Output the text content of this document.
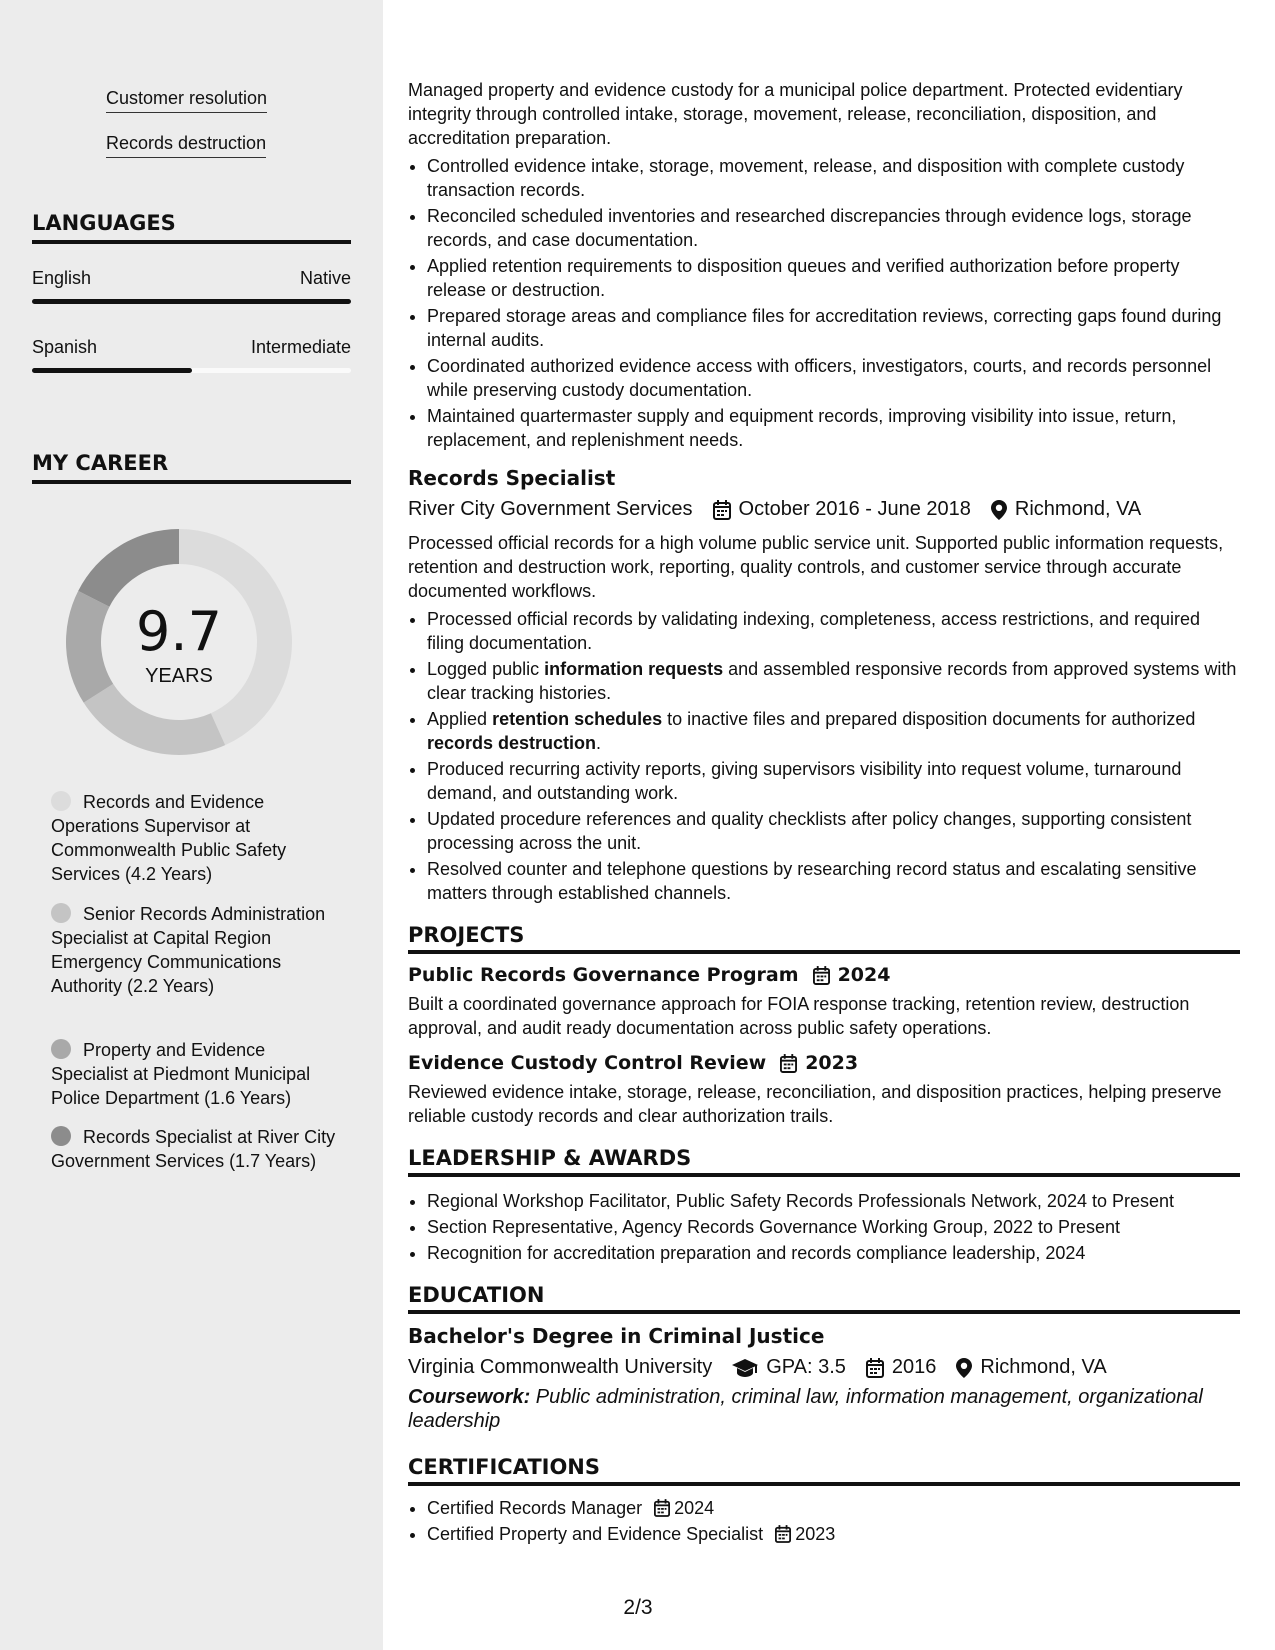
Customer resolution
Records destruction
LANGUAGES
English	Native
Spanish	Intermediate
MY CAREER
9.7
YEARS
Records and Evidence Operations Supervisor at Commonwealth Public Safety Services (4.2 Years)
Senior Records Administration Specialist at Capital Region Emergency Communications Authority (2.2 Years)
Property and Evidence Specialist at Piedmont Municipal Police Department (1.6 Years)
Records Specialist at River City Government Services (1.7 Years)

Managed property and evidence custody for a municipal police department. Protected evidentiary integrity through controlled intake, storage, movement, release, reconciliation, disposition, and accreditation preparation.

• Controlled evidence intake, storage, movement, release, and disposition with complete custody transaction records.
• Reconciled scheduled inventories and researched discrepancies through evidence logs, storage records, and case documentation.
• Applied retention requirements to disposition queues and verified authorization before property release or destruction.
• Prepared storage areas and compliance files for accreditation reviews, correcting gaps found during internal audits.
• Coordinated authorized evidence access with officers, investigators, courts, and records personnel while preserving custody documentation.
• Maintained quartermaster supply and equipment records, improving visibility into issue, return, replacement, and replenishment needs.
Records Specialist
River City Government Services October 2016 - June 2018 Richmond, VA

Processed official records for a high volume public service unit. Supported public information requests, retention and destruction work, reporting, quality controls, and customer service through accurate documented workflows.

• Processed official records by validating indexing, completeness, access restrictions, and required filing documentation.
• Logged public information requests and assembled responsive records from approved systems with clear tracking histories.
• Applied retention schedules to inactive files and prepared disposition documents for authorized records destruction.
• Produced recurring activity reports, giving supervisors visibility into request volume, turnaround demand, and outstanding work.
• Updated procedure references and quality checklists after policy changes, supporting consistent processing across the unit.
• Resolved counter and telephone questions by researching record status and escalating sensitive matters through established channels.
PROJECTS
Public Records Governance Program 2024
Built a coordinated governance approach for FOIA response tracking, retention review, destruction approval, and audit ready documentation across public safety operations.
Evidence Custody Control Review 2023
Reviewed evidence intake, storage, release, reconciliation, and disposition practices, helping preserve reliable custody records and clear authorization trails.
LEADERSHIP & AWARDS
• Regional Workshop Facilitator, Public Safety Records Professionals Network, 2024 to Present
• Section Representative, Agency Records Governance Working Group, 2022 to Present
• Recognition for accreditation preparation and records compliance leadership, 2024
EDUCATION
Bachelor's Degree in Criminal Justice
Virginia Commonwealth University	GPA: 3.5 2016 Richmond, VA
Coursework: Public administration, criminal law, information management, organizational leadership
CERTIFICATIONS
• Certified Records Manager 2024
• Certified Property and Evidence Specialist 2023
2/3
